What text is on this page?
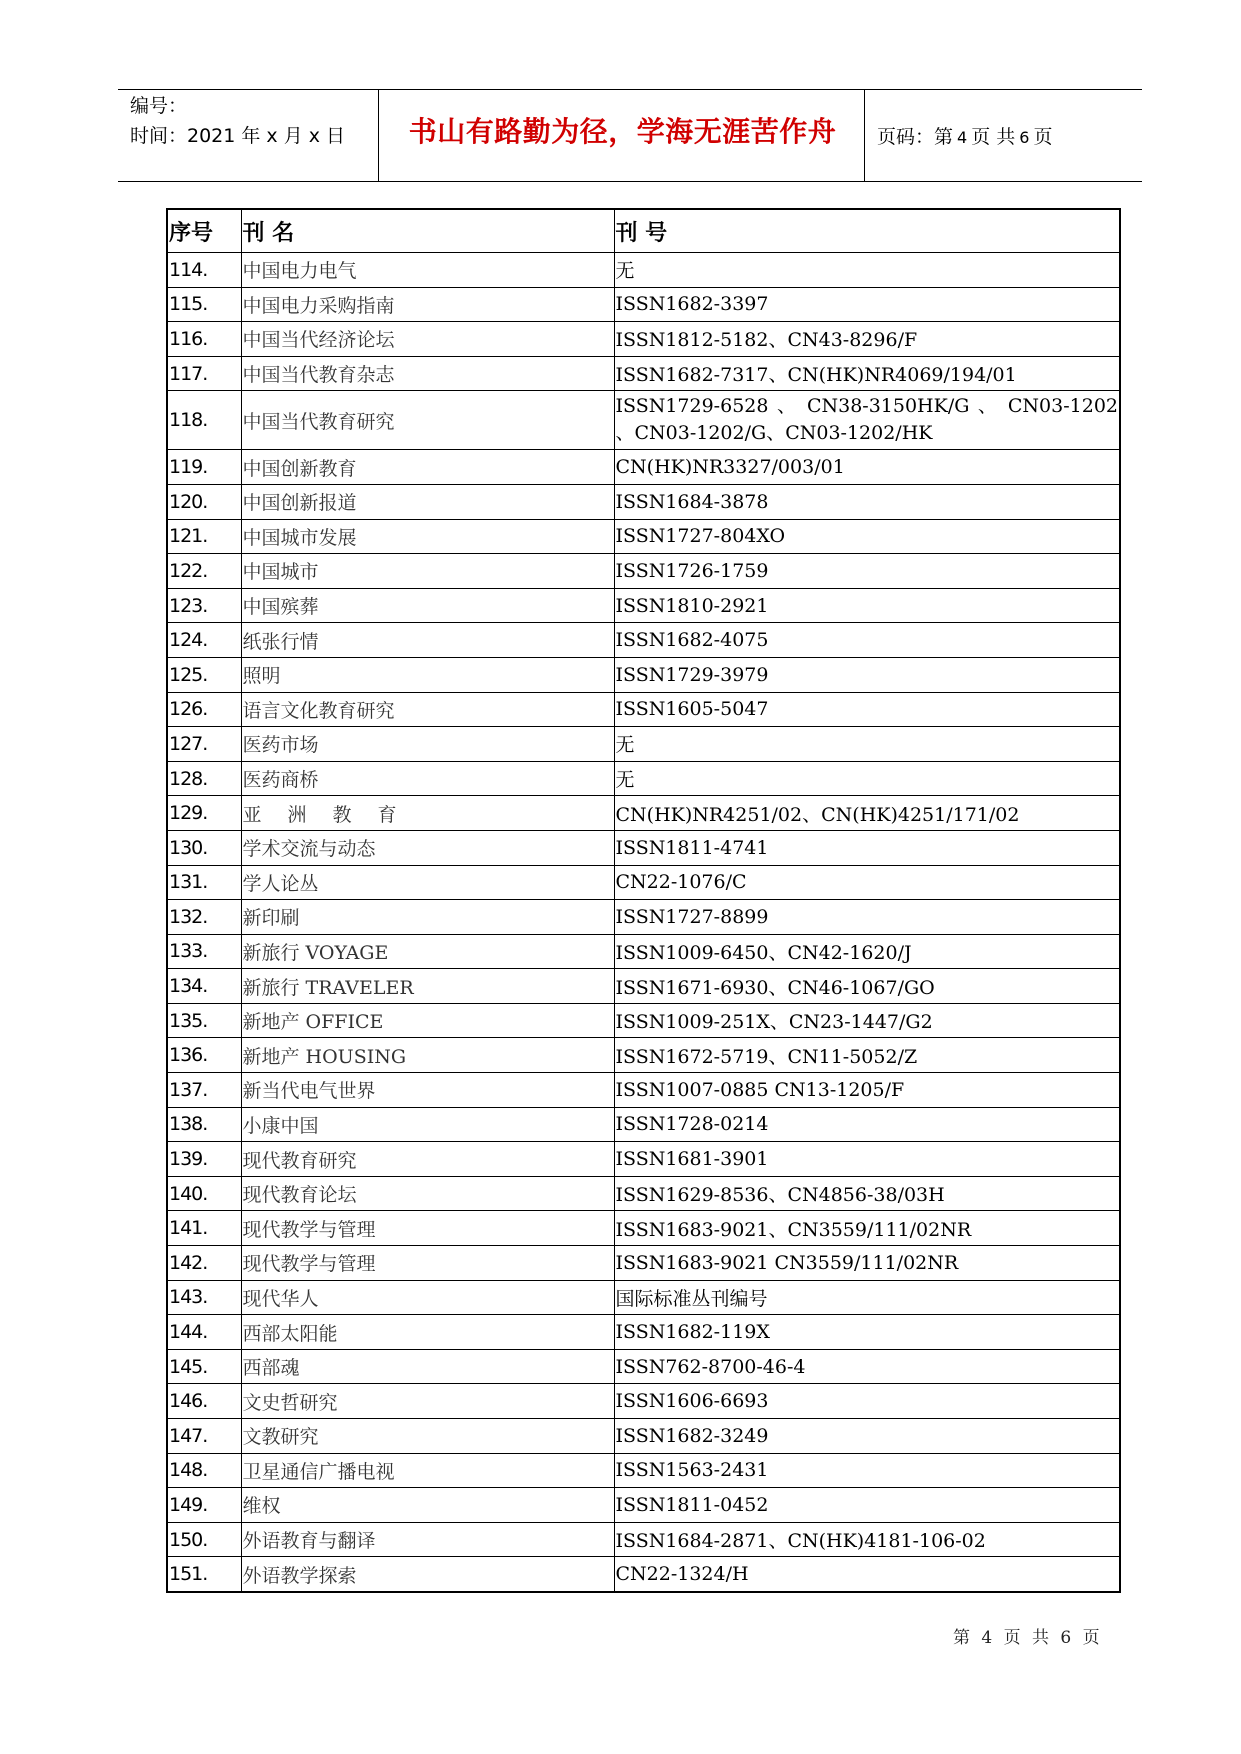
编号：
时间：2021 年 x 月 x 日	书山有路勤为径，学海无涯苦作舟	页码：第 4 页 共 6 页
序号	刊 名	刊 号
114.	中国电力电气	无
115.	中国电力采购指南	ISSN1682-3397
116.	中国当代经济论坛	ISSN1812-5182、CN43-8296/F
117.	中国当代教育杂志	ISSN1682-7317、CN(HK)NR4069/194/01
118.	中国当代教育研究	ISSN1729-6528 、 CN38-3150HK/G 、 CN03-1202 、CN03-1202/G、CN03-1202/HK
119.	中国创新教育	CN(HK)NR3327/003/01
120.	中国创新报道	ISSN1684-3878
121.	中国城市发展	ISSN1727-804XO
122.	中国城市	ISSN1726-1759
123.	中国殡葬	ISSN1810-2921
124.	纸张行情	ISSN1682-4075
125.	照明	ISSN1729-3979
126.	语言文化教育研究	ISSN1605-5047
127.	医药市场	无
128.	医药商桥	无
129.	亚洲教育	CN(HK)NR4251/02、CN(HK)4251/171/02
130.	学术交流与动态	ISSN1811-4741
131.	学人论丛	CN22-1076/C
132.	新印刷	ISSN1727-8899
133.	新旅行 VOYAGE	ISSN1009-6450、CN42-1620/J
134.	新旅行 TRAVELER	ISSN1671-6930、CN46-1067/GO
135.	新地产 OFFICE	ISSN1009-251X、CN23-1447/G2
136.	新地产 HOUSING	ISSN1672-5719、CN11-5052/Z
137.	新当代电气世界	ISSN1007-0885 CN13-1205/F
138.	小康中国	ISSN1728-0214
139.	现代教育研究	ISSN1681-3901
140.	现代教育论坛	ISSN1629-8536、CN4856-38/03H
141.	现代教学与管理	ISSN1683-9021、CN3559/111/02NR
142.	现代教学与管理	ISSN1683-9021 CN3559/111/02NR
143.	现代华人	国际标准丛刊编号
144.	西部太阳能	ISSN1682-119X
145.	西部魂	ISSN762-8700-46-4
146.	文史哲研究	ISSN1606-6693
147.	文教研究	ISSN1682-3249
148.	卫星通信广播电视	ISSN1563-2431
149.	维权	ISSN1811-0452
150.	外语教育与翻译	ISSN1684-2871、CN(HK)4181-106-02
151.	外语教学探索	CN22-1324/H
第 4 页 共 6 页
